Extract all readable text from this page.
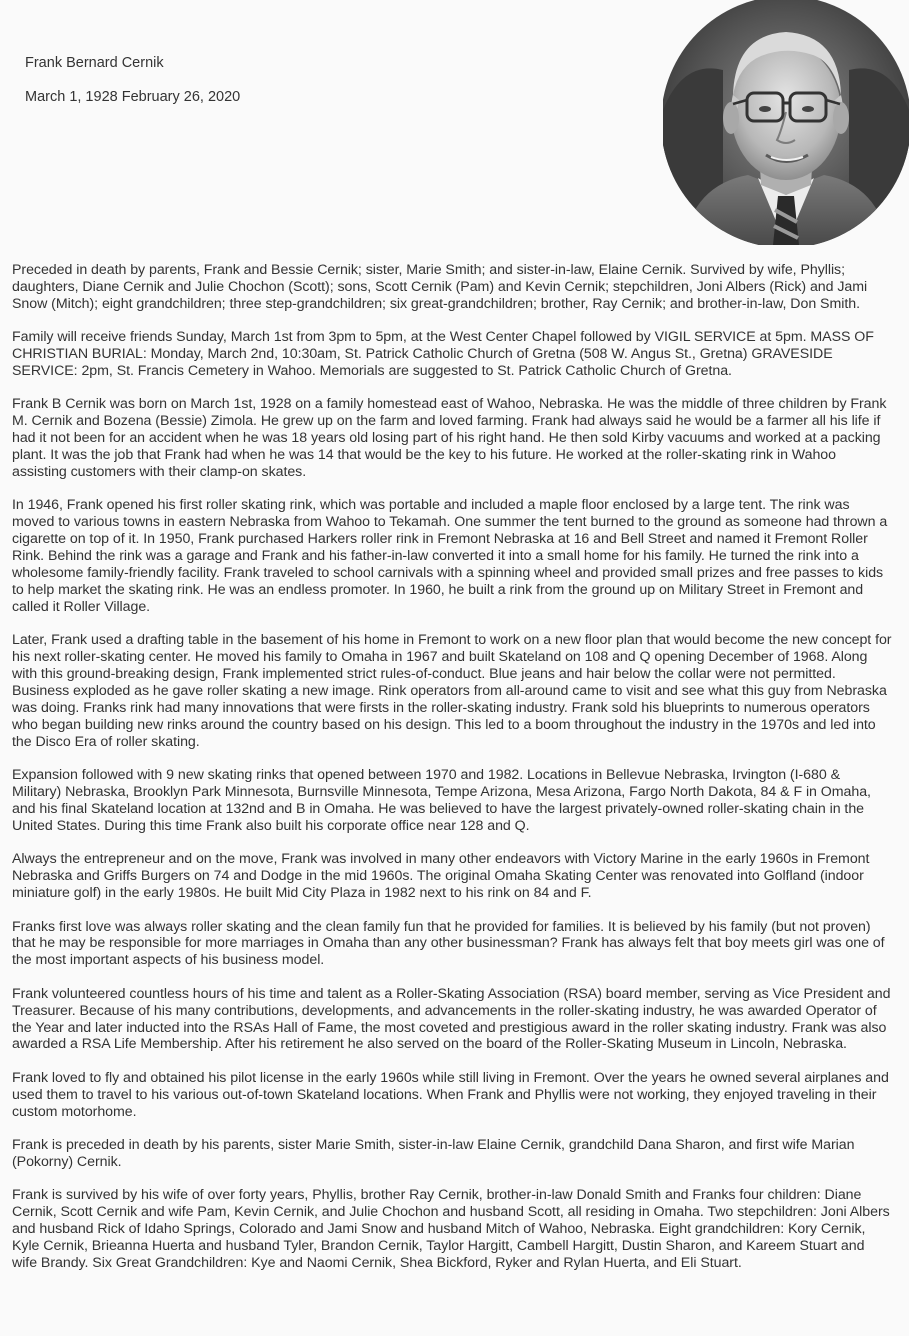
Frank Bernard Cernik
March 1, 1928 February 26, 2020

Preceded in death by parents, Frank and Bessie Cernik; sister, Marie Smith; and sister-in-law, Elaine Cernik. Survived by wife, Phyllis; daughters, Diane Cernik and Julie Chochon (Scott); sons, Scott Cernik (Pam) and Kevin Cernik; stepchildren, Joni Albers (Rick) and Jami Snow (Mitch); eight grandchildren; three step-grandchildren; six great-grandchildren; brother, Ray Cernik; and brother-in-law, Don Smith.

Family will receive friends Sunday, March 1st from 3pm to 5pm, at the West Center Chapel followed by VIGIL SERVICE at 5pm. MASS OF CHRISTIAN BURIAL: Monday, March 2nd, 10:30am, St. Patrick Catholic Church of Gretna (508 W. Angus St., Gretna) GRAVESIDE SERVICE: 2pm, St. Francis Cemetery in Wahoo. Memorials are suggested to St. Patrick Catholic Church of Gretna.

Frank B Cernik was born on March 1st, 1928 on a family homestead east of Wahoo, Nebraska. He was the middle of three children by Frank M. Cernik and Bozena (Bessie) Zimola. He grew up on the farm and loved farming. Frank had always said he would be a farmer all his life if had it not been for an accident when he was 18 years old losing part of his right hand. He then sold Kirby vacuums and worked at a packing plant. It was the job that Frank had when he was 14 that would be the key to his future. He worked at the roller-skating rink in Wahoo assisting customers with their clamp-on skates.

In 1946, Frank opened his first roller skating rink, which was portable and included a maple floor enclosed by a large tent. The rink was moved to various towns in eastern Nebraska from Wahoo to Tekamah. One summer the tent burned to the ground as someone had thrown a cigarette on top of it. In 1950, Frank purchased Harkers roller rink in Fremont Nebraska at 16 and Bell Street and named it Fremont Roller Rink. Behind the rink was a garage and Frank and his father-in-law converted it into a small home for his family. He turned the rink into a wholesome family-friendly facility. Frank traveled to school carnivals with a spinning wheel and provided small prizes and free passes to kids to help market the skating rink. He was an endless promoter. In 1960, he built a rink from the ground up on Military Street in Fremont and called it Roller Village.

Later, Frank used a drafting table in the basement of his home in Fremont to work on a new floor plan that would become the new concept for his next roller-skating center. He moved his family to Omaha in 1967 and built Skateland on 108 and Q opening December of 1968. Along with this ground-breaking design, Frank implemented strict rules-of-conduct. Blue jeans and hair below the collar were not permitted. Business exploded as he gave roller skating a new image. Rink operators from all-around came to visit and see what this guy from Nebraska was doing. Franks rink had many innovations that were firsts in the roller-skating industry. Frank sold his blueprints to numerous operators who began building new rinks around the country based on his design. This led to a boom throughout the industry in the 1970s and led into the Disco Era of roller skating.

Expansion followed with 9 new skating rinks that opened between 1970 and 1982. Locations in Bellevue Nebraska, Irvington (I-680 & Military) Nebraska, Brooklyn Park Minnesota, Burnsville Minnesota, Tempe Arizona, Mesa Arizona, Fargo North Dakota, 84 & F in Omaha, and his final Skateland location at 132nd and B in Omaha. He was believed to have the largest privately-owned roller-skating chain in the United States. During this time Frank also built his corporate office near 128 and Q.

Always the entrepreneur and on the move, Frank was involved in many other endeavors with Victory Marine in the early 1960s in Fremont Nebraska and Griffs Burgers on 74 and Dodge in the mid 1960s. The original Omaha Skating Center was renovated into Golfland (indoor miniature golf) in the early 1980s. He built Mid City Plaza in 1982 next to his rink on 84 and F.

Franks first love was always roller skating and the clean family fun that he provided for families. It is believed by his family (but not proven) that he may be responsible for more marriages in Omaha than any other businessman? Frank has always felt that boy meets girl was one of the most important aspects of his business model.

Frank volunteered countless hours of his time and talent as a Roller-Skating Association (RSA) board member, serving as Vice President and Treasurer. Because of his many contributions, developments, and advancements in the roller-skating industry, he was awarded Operator of the Year and later inducted into the RSAs Hall of Fame, the most coveted and prestigious award in the roller skating industry. Frank was also awarded a RSA Life Membership. After his retirement he also served on the board of the Roller-Skating Museum in Lincoln, Nebraska.

Frank loved to fly and obtained his pilot license in the early 1960s while still living in Fremont. Over the years he owned several airplanes and used them to travel to his various out-of-town Skateland locations. When Frank and Phyllis were not working, they enjoyed traveling in their custom motorhome.

Frank is preceded in death by his parents, sister Marie Smith, sister-in-law Elaine Cernik, grandchild Dana Sharon, and first wife Marian (Pokorny) Cernik.

Frank is survived by his wife of over forty years, Phyllis, brother Ray Cernik, brother-in-law Donald Smith and Franks four children: Diane Cernik, Scott Cernik and wife Pam, Kevin Cernik, and Julie Chochon and husband Scott, all residing in Omaha. Two stepchildren: Joni Albers and husband Rick of Idaho Springs, Colorado and Jami Snow and husband Mitch of Wahoo, Nebraska. Eight grandchildren: Kory Cernik, Kyle Cernik, Brieanna Huerta and husband Tyler, Brandon Cernik, Taylor Hargitt, Cambell Hargitt, Dustin Sharon, and Kareem Stuart and wife Brandy. Six Great Grandchildren: Kye and Naomi Cernik, Shea Bickford, Ryker and Rylan Huerta, and Eli Stuart.
